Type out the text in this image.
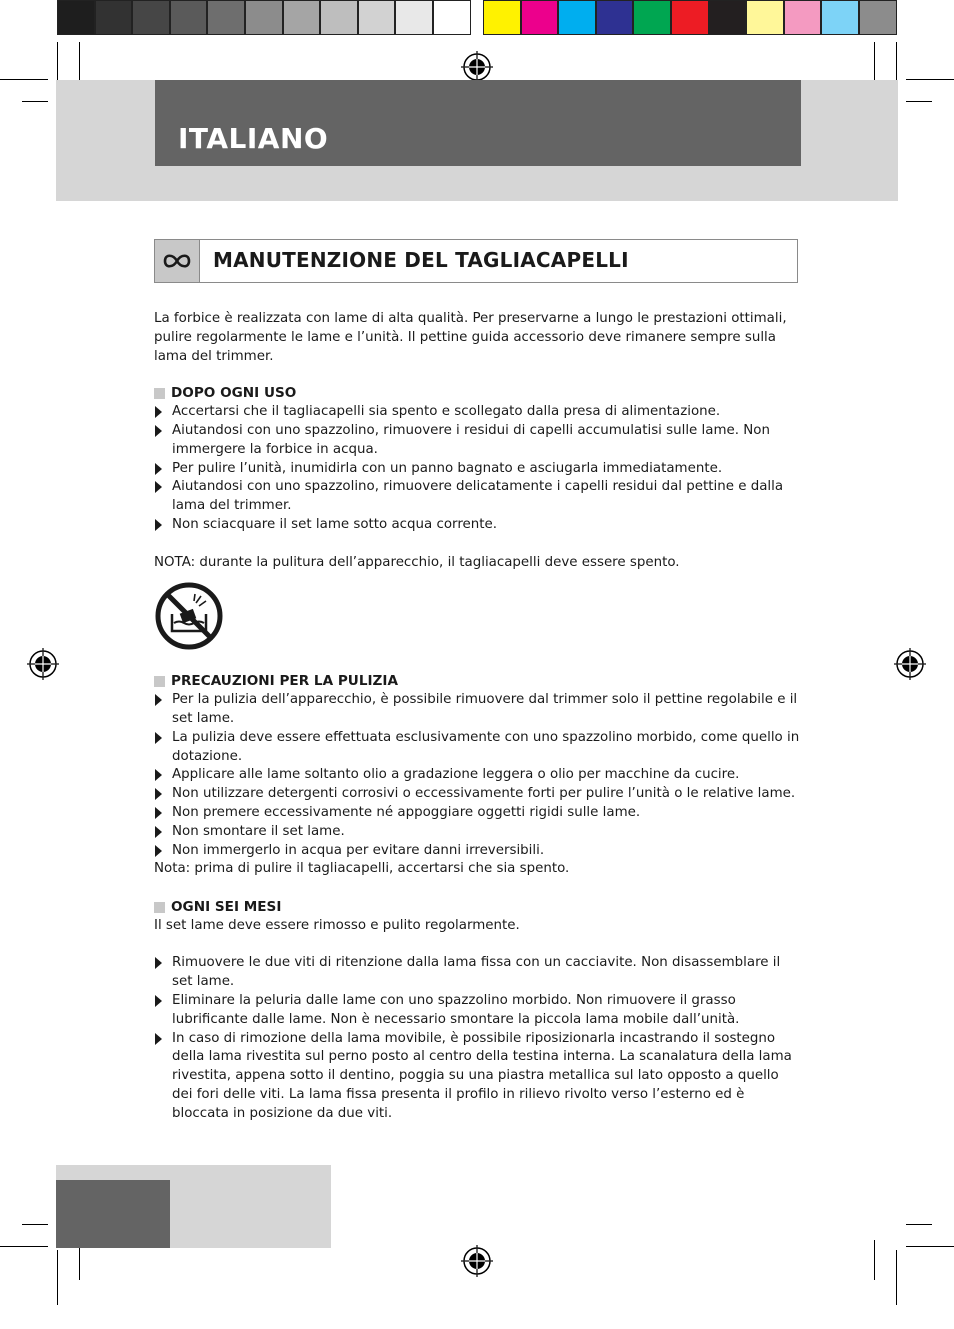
ITALIANO
MANUTENZIONE DEL TAGLIACAPELLI

La forbice è realizzata con lame di alta qualità. Per preservarne a lungo le prestazioni ottimali, pulire regolarmente le lame e l’unità. Il pettine guida accessorio deve rimanere sempre sulla lama del trimmer.

DOPO OGNI USO

Accertarsi che il tagliacapelli sia spento e scollegato dalla presa di alimentazione.
Aiutandosi con uno spazzolino, rimuovere i residui di capelli accumulatisi sulle lame. Non immergere la forbice in acqua.
Per pulire l’unità, inumidirla con un panno bagnato e asciugarla immediatamente.
Aiutandosi con uno spazzolino, rimuovere delicatamente i capelli residui dal pettine e dalla lama del trimmer.
Non sciacquare il set lame sotto acqua corrente.

NOTA: durante la pulitura dell’apparecchio, il tagliacapelli deve essere spento.

PRECAUZIONI PER LA PULIZIA

Per la pulizia dell’apparecchio, è possibile rimuovere dal trimmer solo il pettine regolabile e il set lame.
La pulizia deve essere effettuata esclusivamente con uno spazzolino morbido, come quello in dotazione.
Applicare alle lame soltanto olio a gradazione leggera o olio per macchine da cucire.
Non utilizzare detergenti corrosivi o eccessivamente forti per pulire l’unità o le relative lame.
Non premere eccessivamente né appoggiare oggetti rigidi sulle lame.
Non smontare il set lame.
Non immergerlo in acqua per evitare danni irreversibili.

Nota: prima di pulire il tagliacapelli, accertarsi che sia spento.

OGNI SEI MESI

Il set lame deve essere rimosso e pulito regolarmente.

Rimuovere le due viti di ritenzione dalla lama fissa con un cacciavite. Non disassemblare il set lame.
Eliminare la peluria dalle lame con uno spazzolino morbido. Non rimuovere il grasso lubrificante dalle lame. Non è necessario smontare la piccola lama mobile dall’unità.
In caso di rimozione della lama movibile, è possibile riposizionarla incastrando il sostegno della lama rivestita sul perno posto al centro della testina interna. La scanalatura della lama rivestita, appena sotto il dentino, poggia su una piastra metallica sul lato opposto a quello dei fori delle viti. La lama fissa presenta il profilo in rilievo rivolto verso l’esterno ed è bloccata in posizione da due viti.
